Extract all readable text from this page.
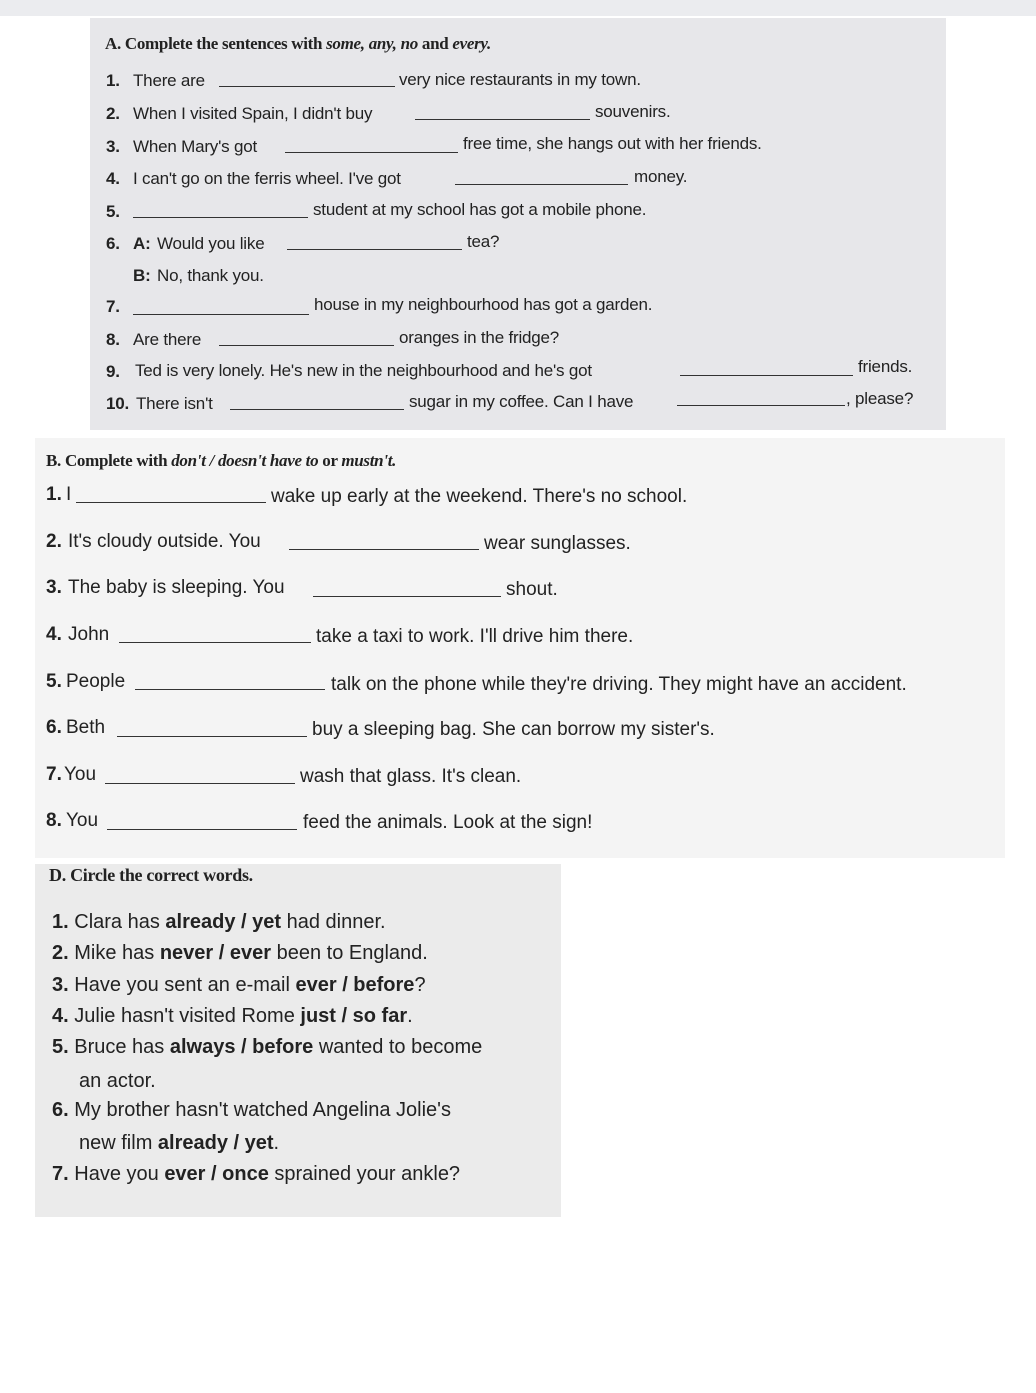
A. Complete the sentences with some, any, no and every.
1. There are	very nice restaurants in my town.
2. When I visited Spain, I didn't buy	souvenirs.
3. When Mary's got	free time, she hangs out with her friends.
4. I can't go on the ferris wheel. I've got	money.
5.	student at my school has got a mobile phone.
6. A: Would you like	tea?
B: No, thank you.
7.	house in my neighbourhood has got a garden.
8. Are there	oranges in the fridge?
9. Ted is very lonely. He's new in the neighbourhood and he's got	friends.
10. There isn't	sugar in my coffee. Can I have	, please?
B. Complete with don't / doesn't have to or mustn't.
1. I	wake up early at the weekend. There's no school.
2. It's cloudy outside. You	wear sunglasses.
3. The baby is sleeping. You	shout.
4. John	take a taxi to work. I'll drive him there.
5. People	talk on the phone while they're driving. They might have an accident.
6. Beth	buy a sleeping bag. She can borrow my sister's.
7. You	wash that glass. It's clean.
8. You	feed the animals. Look at the sign!
D. Circle the correct words.
1. Clara has already / yet had dinner.
2. Mike has never / ever been to England.
3. Have you sent an e-mail ever / before?
4. Julie hasn't visited Rome just / so far.
5. Bruce has always / before wanted to become
an actor.
6. My brother hasn't watched Angelina Jolie's
new film already / yet.
7. Have you ever / once sprained your ankle?
